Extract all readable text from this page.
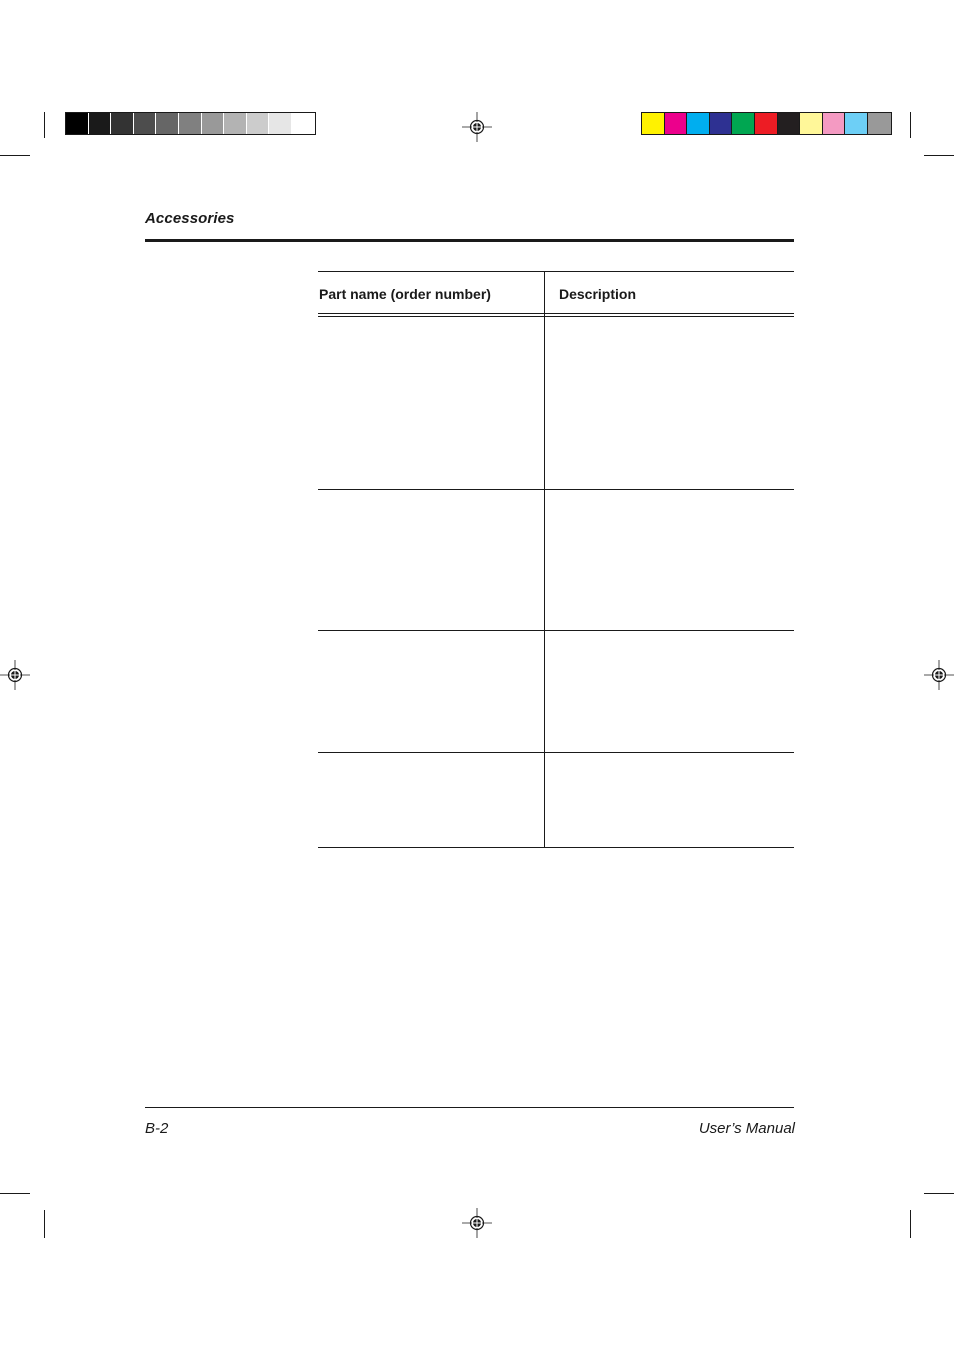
Accessories
Part name (order number)	Description
B-2	User’s Manual
